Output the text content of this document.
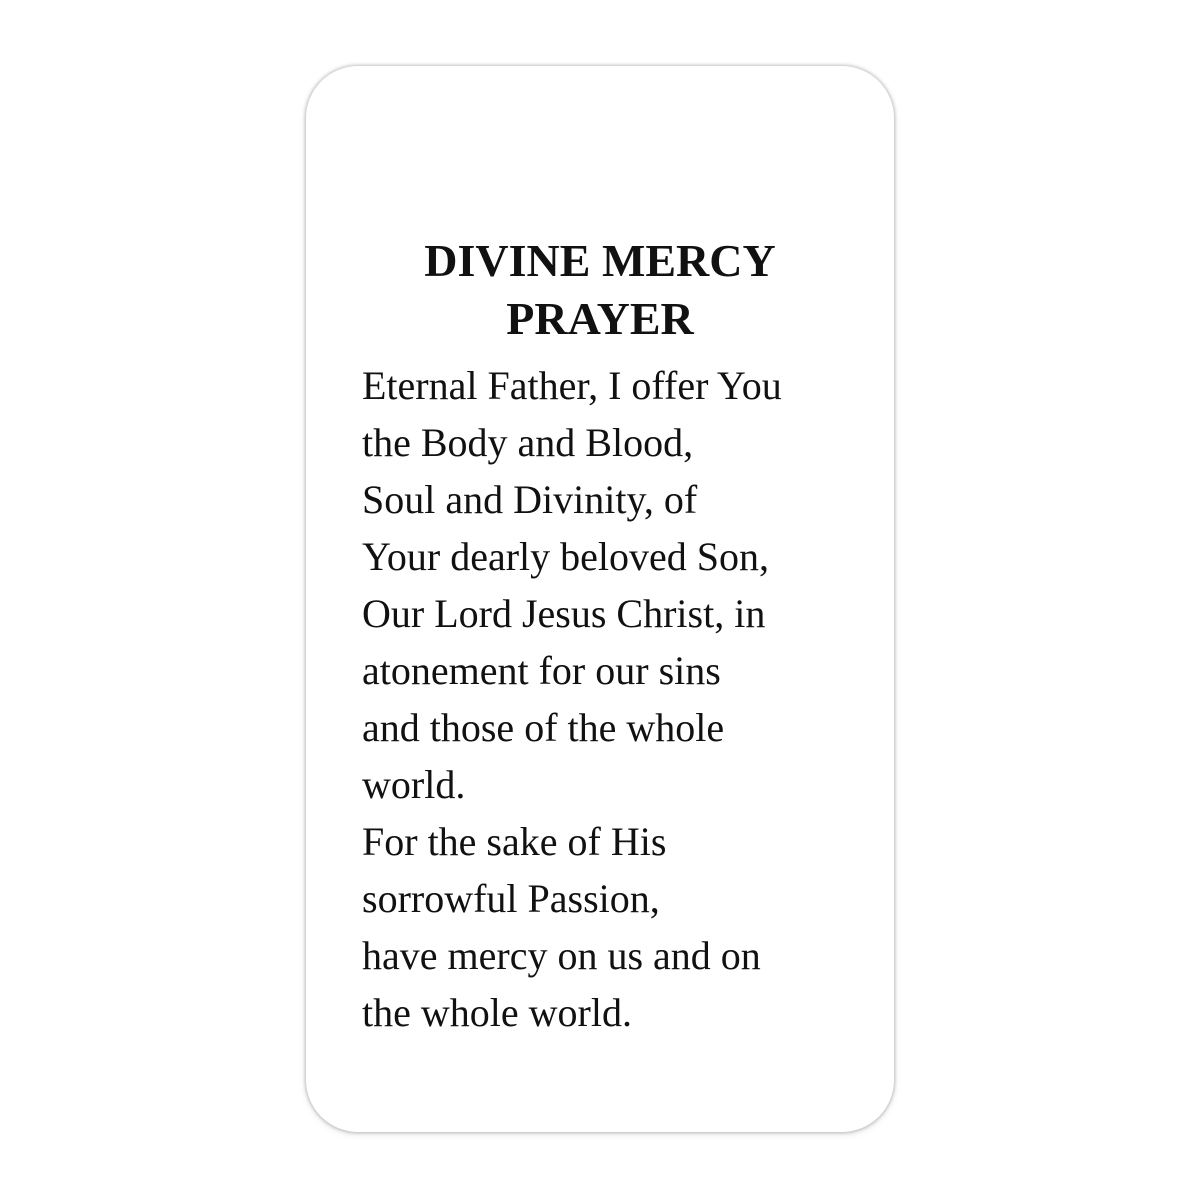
DIVINE MERCY
PRAYER
Eternal Father, I offer You
the Body and Blood,
Soul and Divinity, of
Your dearly beloved Son,
Our Lord Jesus Christ, in
atonement for our sins
and those of the whole
world.
For the sake of His
sorrowful Passion,
have mercy on us and on
the whole world.
